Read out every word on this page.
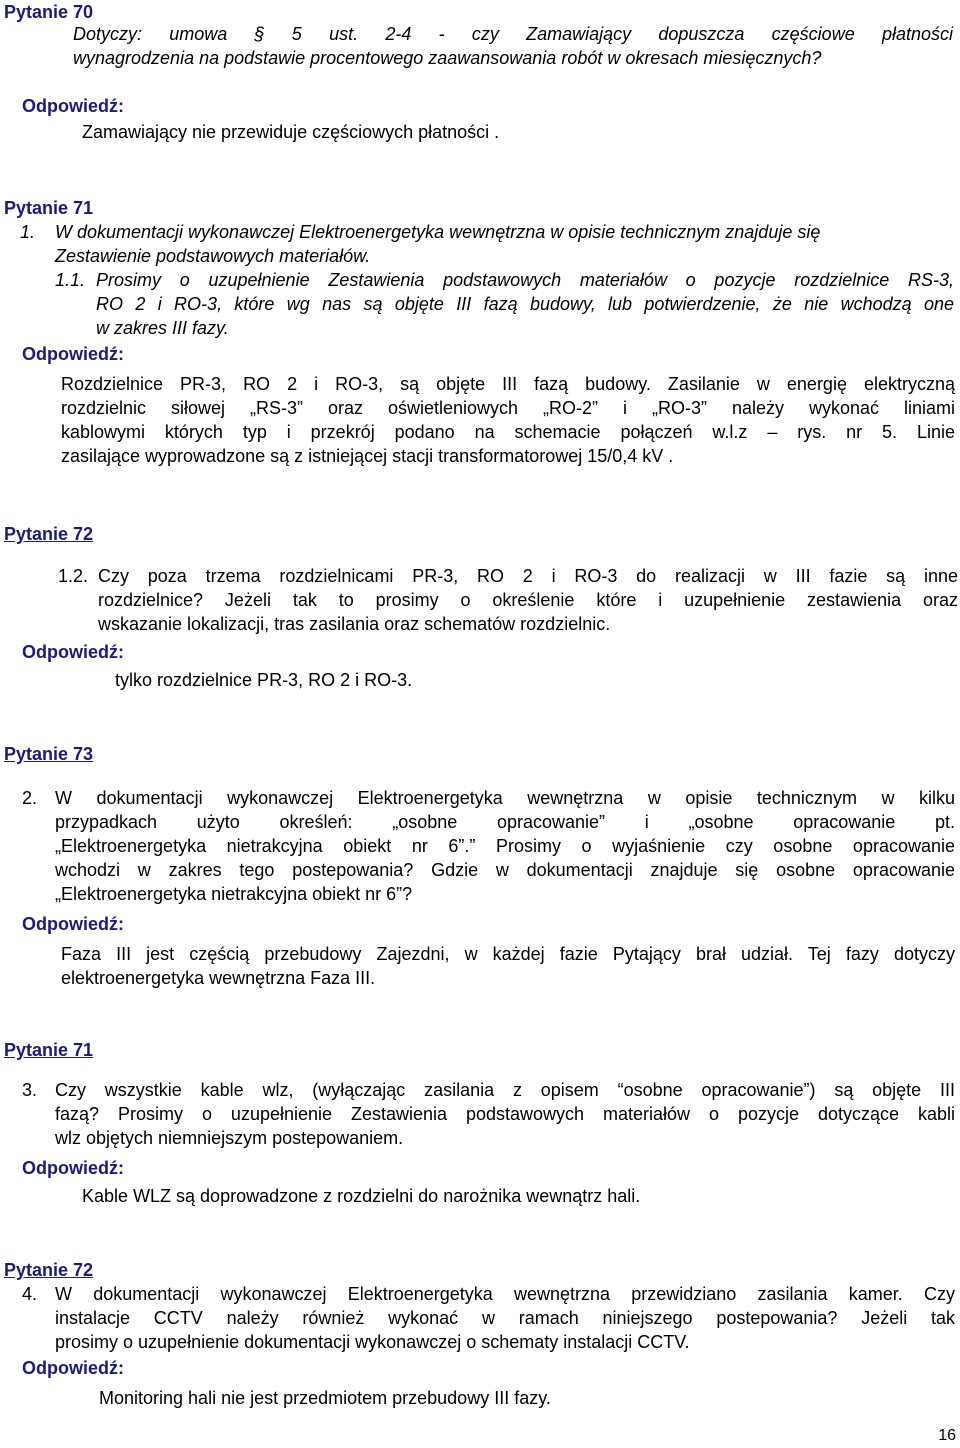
Pytanie 70
Dotyczy: umowa § 5 ust. 2-4 - czy Zamawiający dopuszcza częściowe płatności
wynagrodzenia na podstawie procentowego zaawansowania robót w okresach miesięcznych?
Odpowiedź:
Zamawiający nie przewiduje częściowych płatności .
Pytanie 71
1. W dokumentacji wykonawczej Elektroenergetyka wewnętrzna w opisie technicznym znajduje się
Zestawienie podstawowych materiałów.
1.1. Prosimy o uzupełnienie Zestawienia podstawowych materiałów o pozycje rozdzielnice RS-3,
RO 2 i RO-3, które wg nas są objęte III fazą budowy, lub potwierdzenie, że nie wchodzą one
w zakres III fazy.
Odpowiedź:
Rozdzielnice PR-3, RO 2 i RO-3, są objęte III fazą budowy. Zasilanie w energię elektryczną
rozdzielnic siłowej „RS-3” oraz oświetleniowych „RO-2” i „RO-3” należy wykonać liniami
kablowymi których typ i przekrój podano na schemacie połączeń w.l.z – rys. nr 5. Linie
zasilające wyprowadzone są z istniejącej stacji transformatorowej 15/0,4 kV .
Pytanie 72
1.2. Czy poza trzema rozdzielnicami PR-3, RO 2 i RO-3 do realizacji w III fazie są inne
rozdzielnice? Jeżeli tak to prosimy o określenie które i uzupełnienie zestawienia oraz
wskazanie lokalizacji, tras zasilania oraz schematów rozdzielnic.
Odpowiedź:
tylko rozdzielnice PR-3, RO 2 i RO-3.
Pytanie 73
2. W dokumentacji wykonawczej Elektroenergetyka wewnętrzna w opisie technicznym w kilku
przypadkach użyto określeń: „osobne opracowanie” i „osobne opracowanie pt.
„Elektroenergetyka nietrakcyjna obiekt nr 6”.” Prosimy o wyjaśnienie czy osobne opracowanie
wchodzi w zakres tego postepowania? Gdzie w dokumentacji znajduje się osobne opracowanie
„Elektroenergetyka nietrakcyjna obiekt nr 6”?
Odpowiedź:
Faza III jest częścią przebudowy Zajezdni, w każdej fazie Pytający brał udział. Tej fazy dotyczy
elektroenergetyka wewnętrzna Faza III.
Pytanie 71
3. Czy wszystkie kable wlz, (wyłączając zasilania z opisem “osobne opracowanie”) są objęte III
fazą? Prosimy o uzupełnienie Zestawienia podstawowych materiałów o pozycje dotyczące kabli
wlz objętych niemniejszym postepowaniem.
Odpowiedź:
Kable WLZ są doprowadzone z rozdzielni do narożnika wewnątrz hali.
Pytanie 72
4. W dokumentacji wykonawczej Elektroenergetyka wewnętrzna przewidziano zasilania kamer. Czy
instalacje CCTV należy również wykonać w ramach niniejszego postepowania? Jeżeli tak
prosimy o uzupełnienie dokumentacji wykonawczej o schematy instalacji CCTV.
Odpowiedź:
Monitoring hali nie jest przedmiotem przebudowy III fazy.
16
